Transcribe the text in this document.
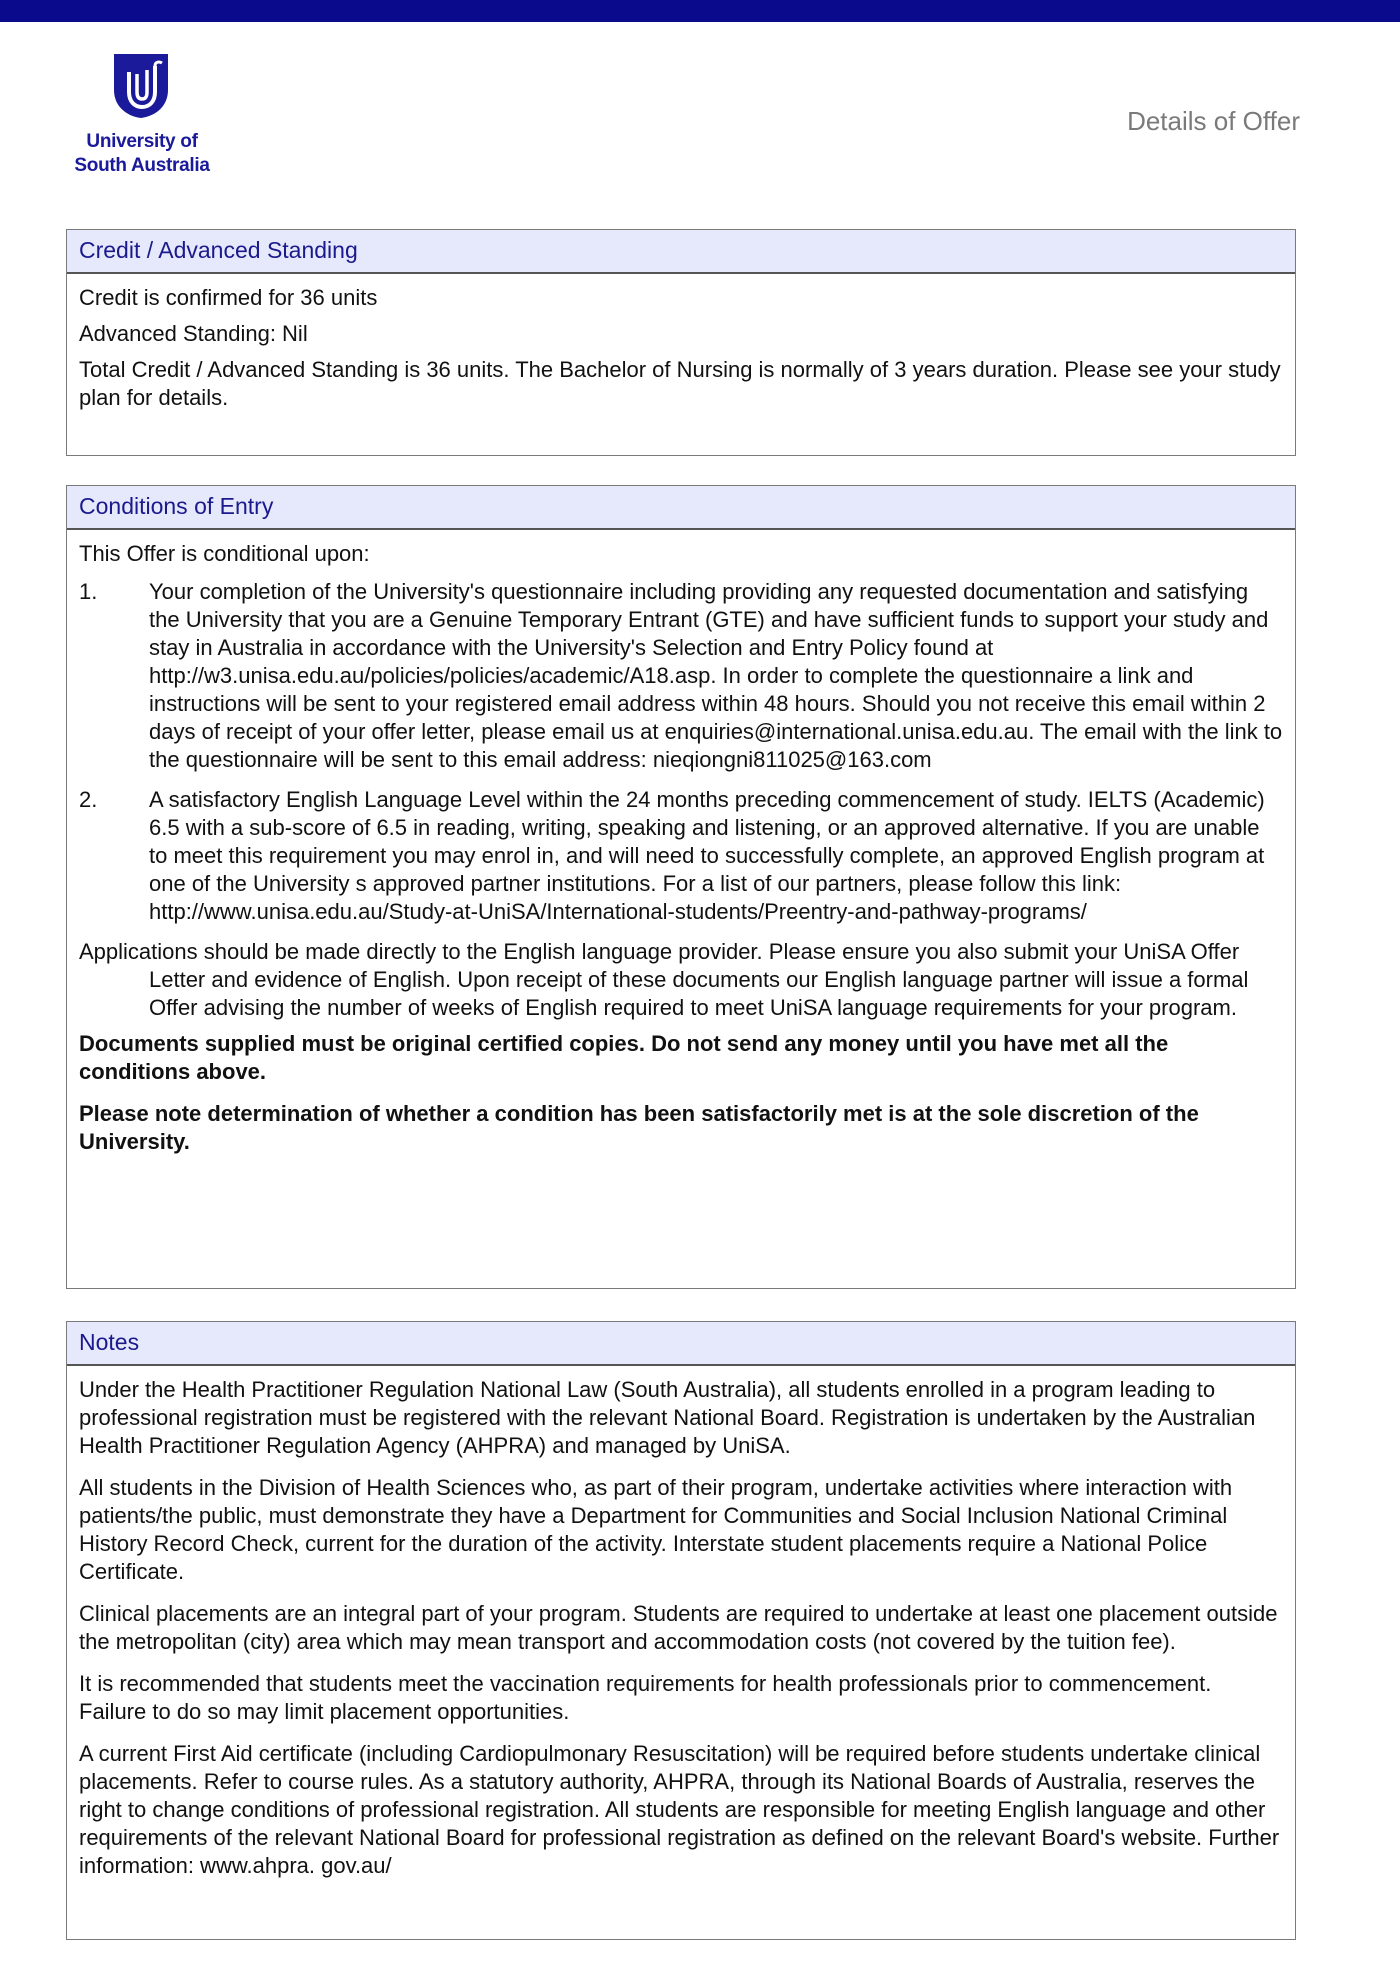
University of
South Australia
Details of Offer
Credit / Advanced Standing

Credit is confirmed for 36 units

Advanced Standing: Nil

Total Credit / Advanced Standing is 36 units. The Bachelor of Nursing is normally of 3 years duration. Please see your study plan for details.

Conditions of Entry

This Offer is conditional upon:

1.	Your completion of the University's questionnaire including providing any requested documentation and satisfying the University that you are a Genuine Temporary Entrant (GTE) and have sufficient funds to support your study and stay in Australia in accordance with the University's Selection and Entry Policy found at http://w3.unisa.edu.au/policies/policies/academic/A18.asp. In order to complete the questionnaire a link and instructions will be sent to your registered email address within 48 hours. Should you not receive this email within 2 days of receipt of your offer letter, please email us at enquiries@international.unisa.edu.au. The email with the link to the questionnaire will be sent to this email address: nieqiongni811025@163.com
2.	A satisfactory English Language Level within the 24 months preceding commencement of study. IELTS (Academic) 6.5 with a sub-score of 6.5 in reading, writing, speaking and listening, or an approved alternative. If you are unable to meet this requirement you may enrol in, and will need to successfully complete, an approved English program at one of the University s approved partner institutions. For a list of our partners, please follow this link: http://www.unisa.edu.au/Study-at-UniSA/International-students/Preentry-and-pathway-programs/

Applications should be made directly to the English language provider. Please ensure you also submit your UniSA Offer Letter and evidence of English. Upon receipt of these documents our English language partner will issue a formal Offer advising the number of weeks of English required to meet UniSA language requirements for your program.

Documents supplied must be original certified copies. Do not send any money until you have met all the conditions above.

Please note determination of whether a condition has been satisfactorily met is at the sole discretion of the University.

Notes

Under the Health Practitioner Regulation National Law (South Australia), all students enrolled in a program leading to professional registration must be registered with the relevant National Board. Registration is undertaken by the Australian Health Practitioner Regulation Agency (AHPRA) and managed by UniSA.

All students in the Division of Health Sciences who, as part of their program, undertake activities where interaction with patients/the public, must demonstrate they have a Department for Communities and Social Inclusion National Criminal History Record Check, current for the duration of the activity. Interstate student placements require a National Police Certificate.

Clinical placements are an integral part of your program. Students are required to undertake at least one placement outside the metropolitan (city) area which may mean transport and accommodation costs (not covered by the tuition fee).

It is recommended that students meet the vaccination requirements for health professionals prior to commencement. Failure to do so may limit placement opportunities.

A current First Aid certificate (including Cardiopulmonary Resuscitation) will be required before students undertake clinical placements. Refer to course rules. As a statutory authority, AHPRA, through its National Boards of Australia, reserves the right to change conditions of professional registration. All students are responsible for meeting English language and other requirements of the relevant National Board for professional registration as defined on the relevant Board's website. Further information: www.ahpra. gov.au/
